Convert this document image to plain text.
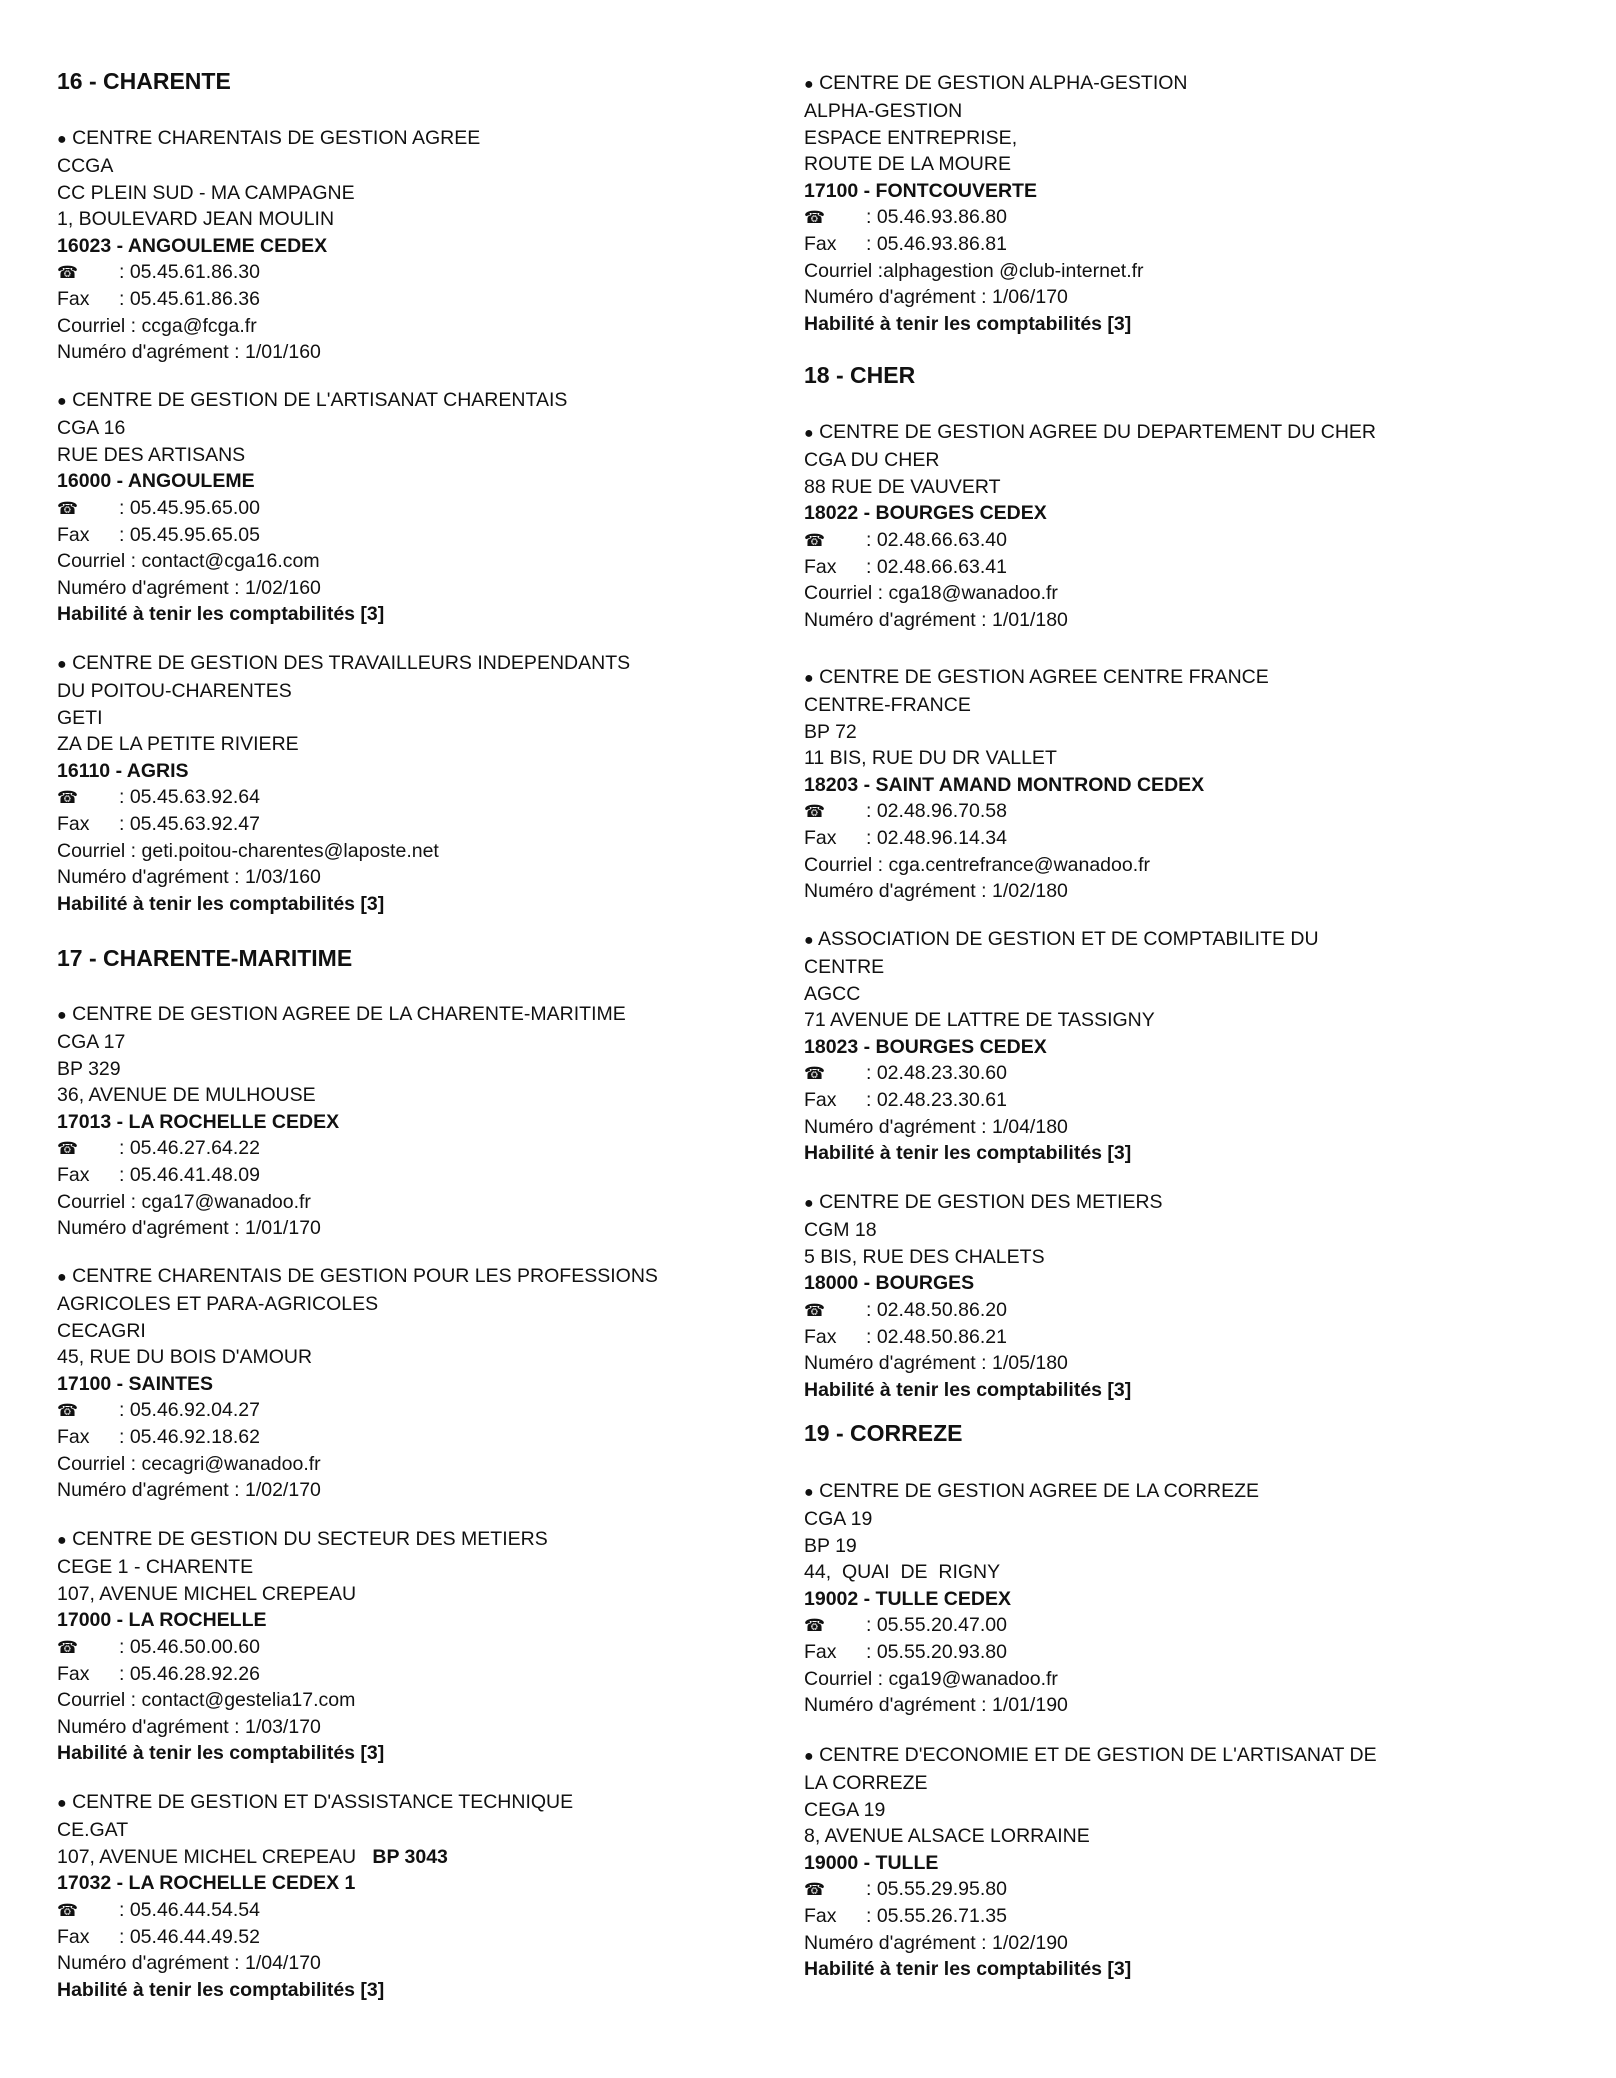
16 - CHARENTE
● CENTRE CHARENTAIS DE GESTION AGREE
CCGA
CC PLEIN SUD - MA CAMPAGNE
1, BOULEVARD JEAN MOULIN
16023 - ANGOULEME CEDEX
☎ : 05.45.61.86.30
Fax : 05.45.61.86.36
Courriel : ccga@fcga.fr
Numéro d'agrément : 1/01/160
● CENTRE DE GESTION DE L'ARTISANAT CHARENTAIS
CGA 16
RUE DES ARTISANS
16000 - ANGOULEME
☎ : 05.45.95.65.00
Fax : 05.45.95.65.05
Courriel : contact@cga16.com
Numéro d'agrément : 1/02/160
Habilité à tenir les comptabilités [3]
● CENTRE DE GESTION DES TRAVAILLEURS INDEPENDANTS
DU POITOU-CHARENTES
GETI
ZA DE LA PETITE RIVIERE
16110 - AGRIS
☎ : 05.45.63.92.64
Fax : 05.45.63.92.47
Courriel : geti.poitou-charentes@laposte.net
Numéro d'agrément : 1/03/160
Habilité à tenir les comptabilités [3]
17 - CHARENTE-MARITIME
● CENTRE DE GESTION AGREE DE LA CHARENTE-MARITIME
CGA 17
BP 329
36, AVENUE DE MULHOUSE
17013 - LA ROCHELLE CEDEX
☎ : 05.46.27.64.22
Fax : 05.46.41.48.09
Courriel : cga17@wanadoo.fr
Numéro d'agrément : 1/01/170
● CENTRE CHARENTAIS DE GESTION POUR LES PROFESSIONS
AGRICOLES ET PARA-AGRICOLES
CECAGRI
45, RUE DU BOIS D'AMOUR
17100 - SAINTES
☎ : 05.46.92.04.27
Fax : 05.46.92.18.62
Courriel : cecagri@wanadoo.fr
Numéro d'agrément : 1/02/170
● CENTRE DE GESTION DU SECTEUR DES METIERS
CEGE 1 - CHARENTE
107, AVENUE MICHEL CREPEAU
17000 - LA ROCHELLE
☎ : 05.46.50.00.60
Fax : 05.46.28.92.26
Courriel : contact@gestelia17.com
Numéro d'agrément : 1/03/170
Habilité à tenir les comptabilités [3]
● CENTRE DE GESTION ET D'ASSISTANCE TECHNIQUE
CE.GAT
107, AVENUE MICHEL CREPEAU   BP 3043
17032 - LA ROCHELLE CEDEX 1
☎ : 05.46.44.54.54
Fax : 05.46.44.49.52
Numéro d'agrément : 1/04/170
Habilité à tenir les comptabilités [3]
● CENTRE DE GESTION ALPHA-GESTION
ALPHA-GESTION
ESPACE ENTREPRISE,
ROUTE DE LA MOURE
17100 - FONTCOUVERTE
☎ : 05.46.93.86.80
Fax : 05.46.93.86.81
Courriel :alphagestion @club-internet.fr
Numéro d'agrément : 1/06/170
Habilité à tenir les comptabilités [3]
18 - CHER
● CENTRE DE GESTION AGREE DU DEPARTEMENT DU CHER
CGA DU CHER
88 RUE DE VAUVERT
18022 - BOURGES CEDEX
☎ : 02.48.66.63.40
Fax : 02.48.66.63.41
Courriel : cga18@wanadoo.fr
Numéro d'agrément : 1/01/180
● CENTRE DE GESTION AGREE CENTRE FRANCE
CENTRE-FRANCE
BP 72
11 BIS, RUE DU DR VALLET
18203 - SAINT AMAND MONTROND CEDEX
☎ : 02.48.96.70.58
Fax : 02.48.96.14.34
Courriel : cga.centrefrance@wanadoo.fr
Numéro d'agrément : 1/02/180
● ASSOCIATION DE GESTION ET DE COMPTABILITE DU
CENTRE
AGCC
71 AVENUE DE LATTRE DE TASSIGNY
18023 - BOURGES CEDEX
☎ : 02.48.23.30.60
Fax : 02.48.23.30.61
Numéro d'agrément : 1/04/180
Habilité à tenir les comptabilités [3]
● CENTRE DE GESTION DES METIERS
CGM 18
5 BIS, RUE DES CHALETS
18000 - BOURGES
☎ : 02.48.50.86.20
Fax : 02.48.50.86.21
Numéro d'agrément : 1/05/180
Habilité à tenir les comptabilités [3]
19 - CORREZE
● CENTRE DE GESTION AGREE DE LA CORREZE
CGA 19
BP 19
44,  QUAI  DE  RIGNY
19002 - TULLE CEDEX
☎ : 05.55.20.47.00
Fax : 05.55.20.93.80
Courriel : cga19@wanadoo.fr
Numéro d'agrément : 1/01/190
● CENTRE D'ECONOMIE ET DE GESTION DE L'ARTISANAT DE
LA CORREZE
CEGA 19
8, AVENUE ALSACE LORRAINE
19000 - TULLE
☎ : 05.55.29.95.80
Fax : 05.55.26.71.35
Numéro d'agrément : 1/02/190
Habilité à tenir les comptabilités [3]
